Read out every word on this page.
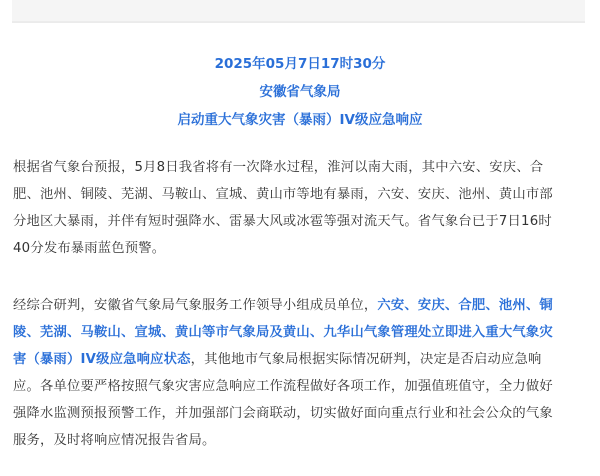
2025年05月7日17时30分
安徽省气象局
启动重大气象灾害（暴雨）IV级应急响应
根据省气象台预报，5月8日我省将有一次降水过程，淮河以南大雨，其中六安、安庆、合
肥、池州、铜陵、芜湖、马鞍山、宣城、黄山市等地有暴雨，六安、安庆、池州、黄山市部
分地区大暴雨，并伴有短时强降水、雷暴大风或冰雹等强对流天气。省气象台已于7日16时
40分发布暴雨蓝色预警。
经综合研判，安徽省气象局气象服务工作领导小组成员单位，六安、安庆、合肥、池州、铜
陵、芜湖、马鞍山、宣城、黄山等市气象局及黄山、九华山气象管理处立即进入重大气象灾
害（暴雨）IV级应急响应状态，其他地市气象局根据实际情况研判，决定是否启动应急响
应。各单位要严格按照气象灾害应急响应工作流程做好各项工作，加强值班值守，全力做好
强降水监测预报预警工作，并加强部门会商联动，切实做好面向重点行业和社会公众的气象
服务，及时将响应情况报告省局。
